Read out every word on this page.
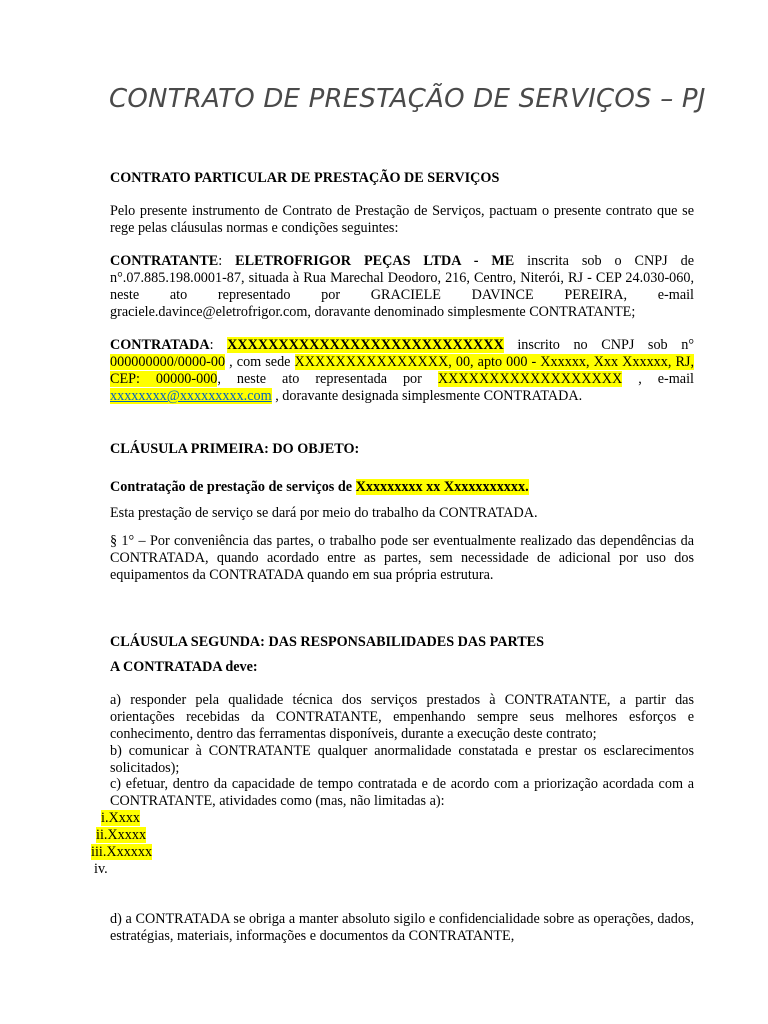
CONTRATO DE PRESTAÇÃO DE SERVIÇOS – PJ
CONTRATO PARTICULAR DE PRESTAÇÃO DE SERVIÇOS
Pelo presente instrumento de Contrato de Prestação de Serviços, pactuam o presente contrato que se rege pelas cláusulas normas e condições seguintes:
CONTRATANTE: ELETROFRIGOR PEÇAS LTDA - ME inscrita sob o CNPJ de n°.07.885.198.0001-87, situada à Rua Marechal Deodoro, 216, Centro, Niterói, RJ - CEP 24.030-060, neste ato representado por GRACIELE DAVINCE PEREIRA, e-mail graciele.davince@eletrofrigor.com, doravante denominado simplesmente CONTRATANTE;
CONTRATADA: XXXXXXXXXXXXXXXXXXXXXXXXXXX inscrito no CNPJ sob n° 000000000/0000-00 , com sede XXXXXXXXXXXXXXX, 00, apto 000 - Xxxxxx, Xxx Xxxxxx, RJ, CEP: 00000-000, neste ato representada por XXXXXXXXXXXXXXXXXX , e-mail xxxxxxxx@xxxxxxxxx.com , doravante designada simplesmente CONTRATADA.
CLÁUSULA PRIMEIRA: DO OBJETO:
Contratação de prestação de serviços de Xxxxxxxxx xx Xxxxxxxxxxx.
Esta prestação de serviço se dará por meio do trabalho da CONTRATADA.
§ 1° – Por conveniência das partes, o trabalho pode ser eventualmente realizado das dependências da CONTRATADA, quando acordado entre as partes, sem necessidade de adicional por uso dos equipamentos da CONTRATADA quando em sua própria estrutura.
CLÁUSULA SEGUNDA: DAS RESPONSABILIDADES DAS PARTES
A CONTRATADA deve:
a) responder pela qualidade técnica dos serviços prestados à CONTRATANTE, a partir das orientações recebidas da CONTRATANTE, empenhando sempre seus melhores esforços e conhecimento, dentro das ferramentas disponíveis, durante a execução deste contrato;
b) comunicar à CONTRATANTE qualquer anormalidade constatada e prestar os esclarecimentos solicitados);
c) efetuar, dentro da capacidade de tempo contratada e de acordo com a priorização acordada com a CONTRATANTE, atividades como (mas, não limitadas a):
i.Xxxx
ii.Xxxxx
iii.Xxxxxx
iv.
d) a CONTRATADA se obriga a manter absoluto sigilo e confidencialidade sobre as operações, dados, estratégias, materiais, informações e documentos da CONTRATANTE,
